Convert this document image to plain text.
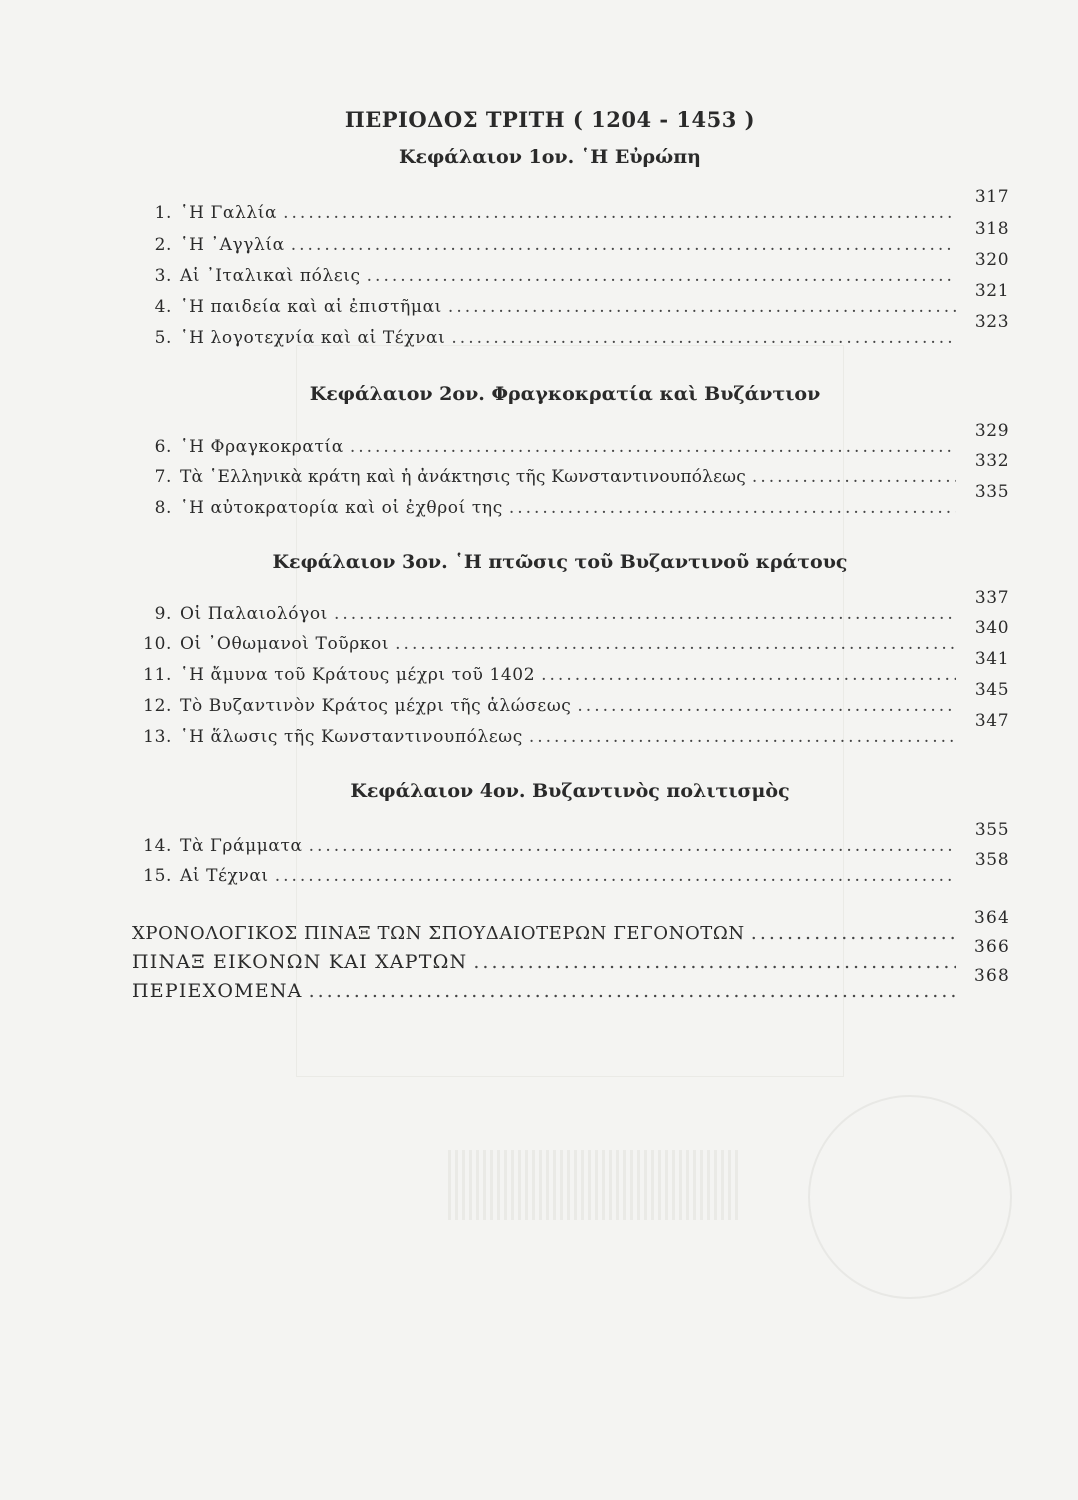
ΠΕΡΙΟΔΟΣ ΤΡΙΤΗ ( 1204 - 1453 )
Κεφάλαιον 1ον. ῾Η Εὐρώπη
1. ῾Η Γαλλία
.....
317
2. ῾Η ᾿Αγγλία
.....
318
3. Αἱ ᾿Ιταλικαὶ πόλεις
.....
320
4. ῾Η παιδεία καὶ αἱ ἐπιστῆμαι
.....
321
5. ῾Η λογοτεχνία καὶ αἱ Τέχναι
.....
323
Κεφάλαιον 2ον. Φραγκοκρατία καὶ Βυζάντιον
6. ῾Η Φραγκοκρατία
.....
329
7. Τὰ ῾Ελληνικὰ κράτη καὶ ἡ ἀνάκτησις τῆς Κωνσταντινουπόλεως
.....
332
8. ῾Η αὐτοκρατορία καὶ οἱ ἐχθροί της
.....
335
Κεφάλαιον 3ον. ῾Η πτῶσις τοῦ Βυζαντινοῦ κράτους
9. Οἱ Παλαιολόγοι
.....
337
10. Οἱ ᾿Οθωμανοὶ Τοῦρκοι
.....
340
11. ῾Η ἄμυνα τοῦ Κράτους μέχρι τοῦ 1402
.....
341
12. Τὸ Βυζαντινὸν Κράτος μέχρι τῆς ἁλώσεως
.....
345
13. ῾Η ἅλωσις τῆς Κωνσταντινουπόλεως
.....
347
Κεφάλαιον 4ον. Βυζαντινὸς πολιτισμὸς
14. Τὰ Γράμματα
.....
355
15. Αἱ Τέχναι
.....
358
ΧΡΟΝΟΛΟΓΙΚΟΣ ΠΙΝΑΞ ΤΩΝ ΣΠΟΥΔΑΙΟΤΕΡΩΝ ΓΕΓΟΝΟΤΩΝ
.....
364
ΠΙΝΑΞ ΕΙΚΟΝΩΝ ΚΑΙ ΧΑΡΤΩΝ
.....
366
ΠΕΡΙΕΧΟΜΕΝΑ
.....
368
